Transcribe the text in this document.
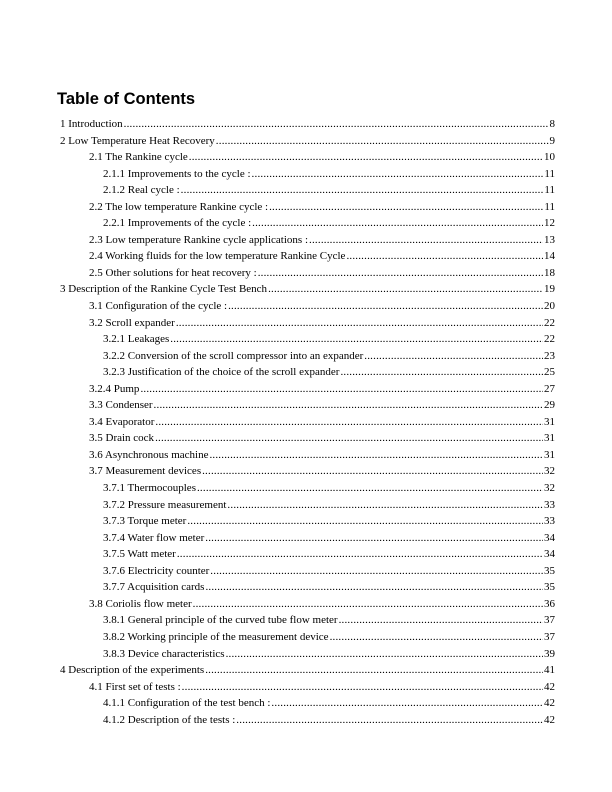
Table of Contents
1 Introduction .....	8
2 Low Temperature Heat Recovery .....	9
2.1 The Rankine cycle .....	10
2.1.1 Improvements to the cycle : .....	11
2.1.2 Real cycle : .....	11
2.2 The low temperature Rankine cycle : .....	11
2.2.1 Improvements of the cycle : .....	12
2.3 Low temperature Rankine cycle applications : .....	13
2.4 Working fluids for the low temperature Rankine Cycle .....	14
2.5 Other solutions for heat recovery : .....	18
3 Description of the Rankine Cycle Test Bench .....	19
3.1 Configuration of the cycle : .....	20
3.2 Scroll expander .....	22
3.2.1 Leakages .....	22
3.2.2 Conversion of the scroll compressor into an expander .....	23
3.2.3 Justification of the choice of the scroll expander .....	25
3.2.4 Pump .....	27
3.3 Condenser .....	29
3.4 Evaporator .....	31
3.5 Drain cock .....	31
3.6 Asynchronous machine .....	31
3.7 Measurement devices .....	32
3.7.1 Thermocouples .....	32
3.7.2 Pressure measurement .....	33
3.7.3 Torque meter .....	33
3.7.4 Water flow meter .....	34
3.7.5 Watt meter .....	34
3.7.6 Electricity counter .....	35
3.7.7 Acquisition cards .....	35
3.8 Coriolis flow meter .....	36
3.8.1 General principle of the curved tube flow meter .....	37
3.8.2 Working principle of the measurement device .....	37
3.8.3 Device characteristics .....	39
4 Description of the experiments .....	41
4.1 First set of tests : .....	42
4.1.1 Configuration of the test bench : .....	42
4.1.2 Description of the tests : .....	42
